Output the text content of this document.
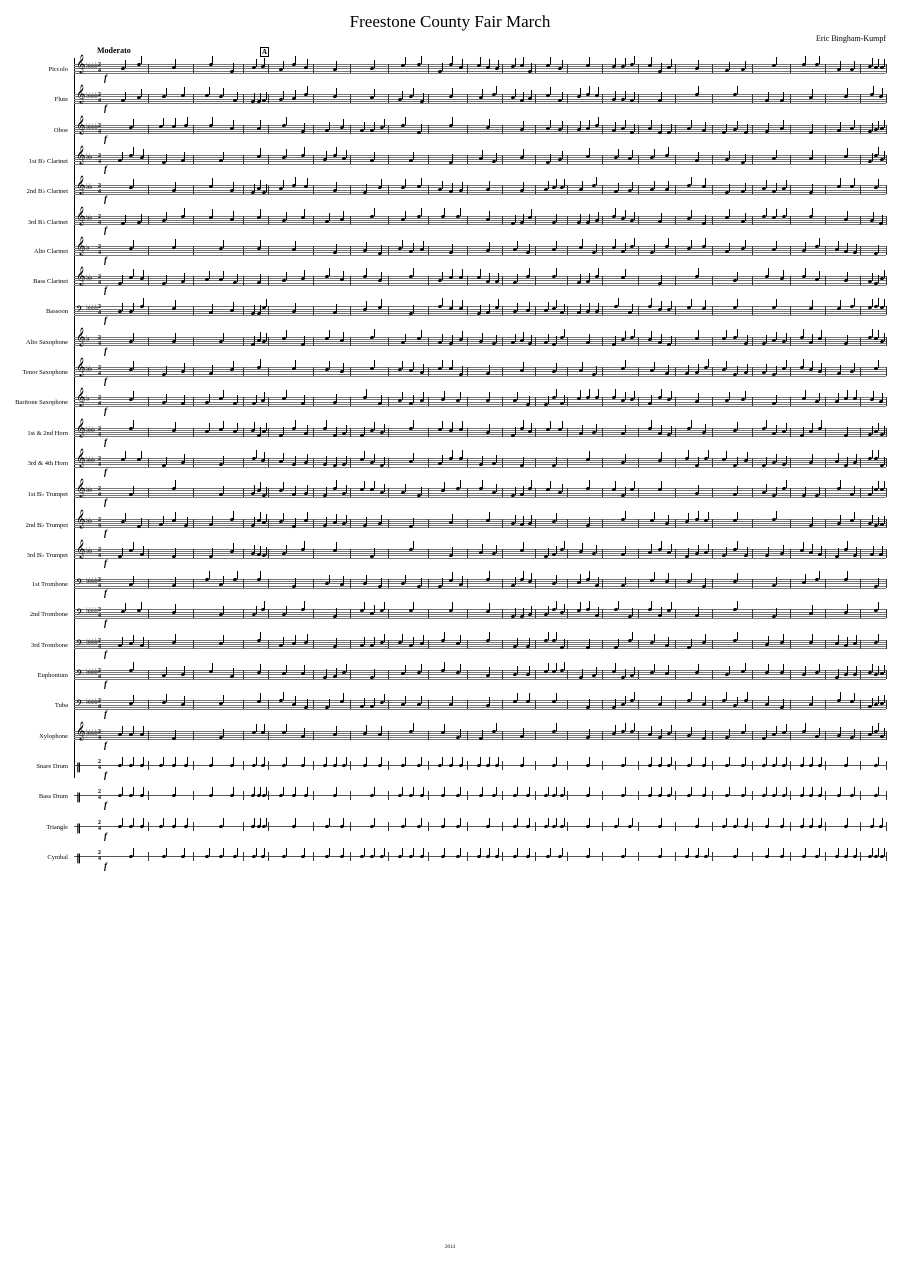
Freestone County Fair March
Eric Bingham-Kumpf
Moderato	A
Piccolo 𝄞 ♭♭♭♭ 2
4
f
Flute 𝄞 ♭♭♭♭ 2
4
f
Oboe 𝄞 ♭♭♭♭ 2
4
f
1st B♭ Clarinet 𝄞 ♭♭ 2
4
f
2nd B♭ Clarinet 𝄞 ♭♭ 2
4
f
3rd B♭ Clarinet 𝄞 ♭♭ 2
4
f
Alto Clarinet 𝄞 ♭ 2
4
f
Bass Clarinet 𝄞 ♭♭ 2
4
f
Bassoon 𝄢 ♭♭♭♭ 2
4
f
Alto Saxophone 𝄞 ♭ 2
4
f
Tenor Saxophone 𝄞 ♭♭ 2
4
f
Baritone Saxophone 𝄞 ♭ 2
4
f
1st & 2nd Horn 𝄞 ♭♭♭ 2
4
f
3rd & 4th Horn 𝄞 ♭♭♭ 2
4
f
1st B♭ Trumpet 𝄞 ♭♭ 2
4
f
2nd B♭ Trumpet 𝄞 ♭♭ 2
4
f
3rd B♭ Trumpet 𝄞 ♭♭ 2
4
f
1st Trombone 𝄢 ♭♭♭♭ 2
4
f
2nd Trombone 𝄢 ♭♭♭♭ 2
4
f
3rd Trombone 𝄢 ♭♭♭♭ 2
4
f
Euphonium 𝄢 ♭♭♭♭ 2
4
f
Tuba 𝄢 ♭♭♭♭ 2
4
f
Xylophone 𝄞 ♭♭♭♭ 2
4
f
Snare Drum ‖	2
4
f
Bass Drum ‖	2
4
f
Triangle ‖	2
4
f
Cymbal ‖	2
4
f
2014
